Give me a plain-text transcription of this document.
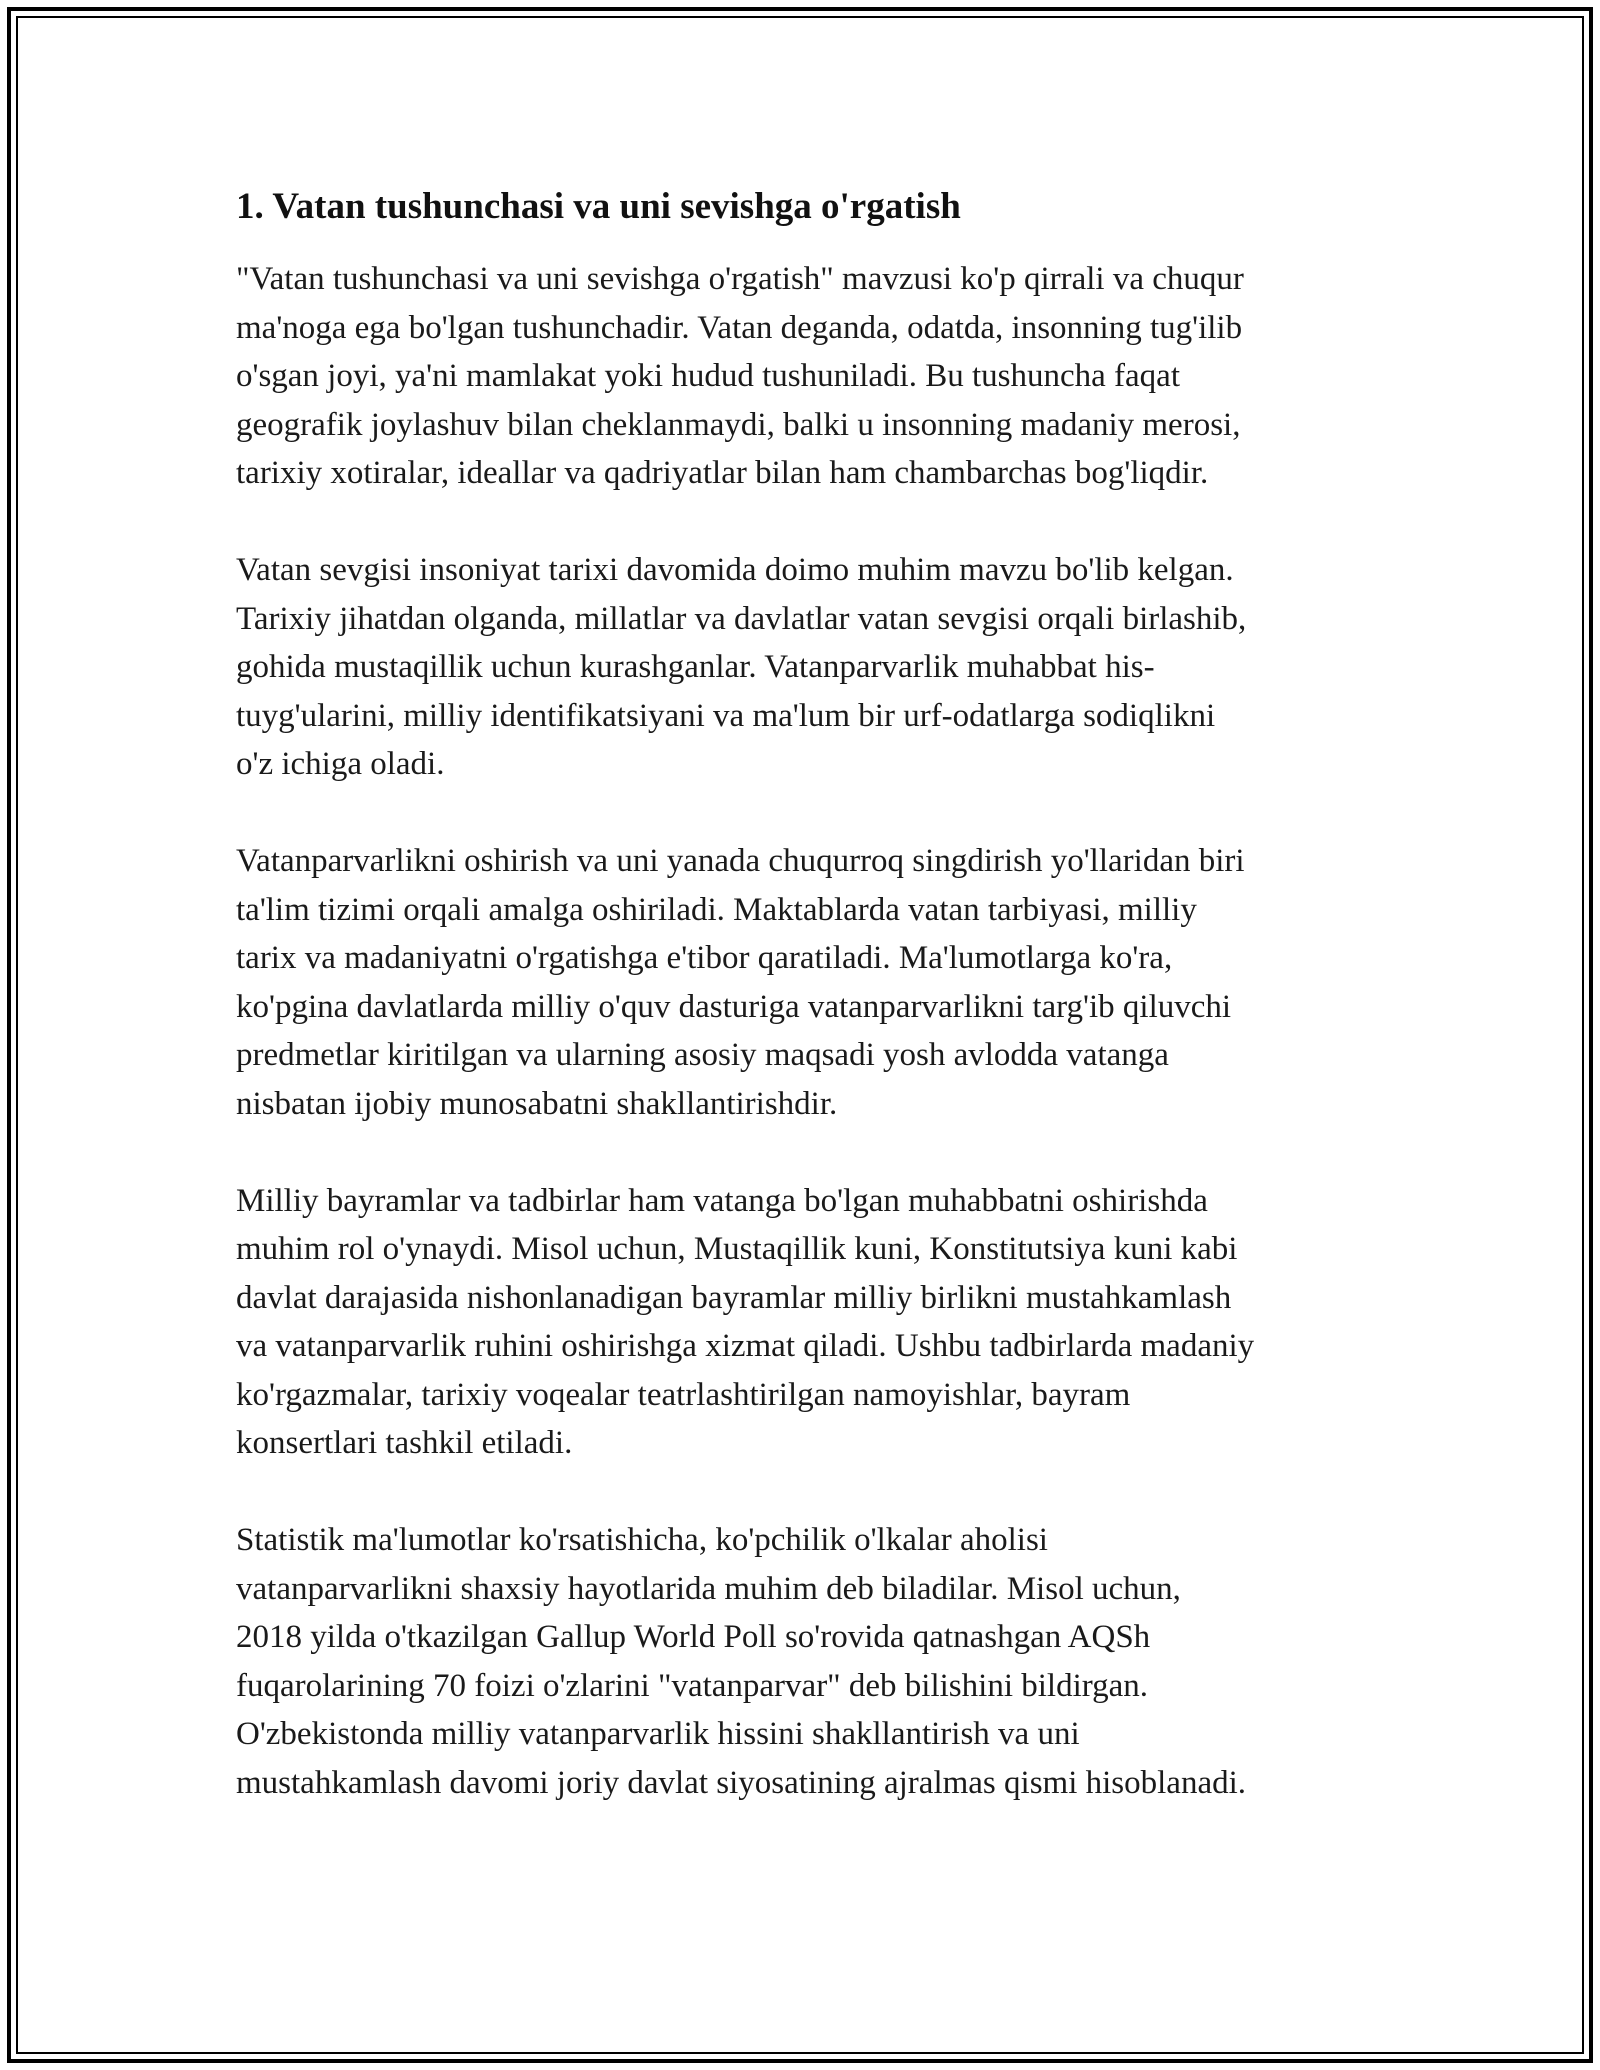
1. Vatan tushunchasi va uni sevishga o'rgatish

"Vatan tushunchasi va uni sevishga o'rgatish" mavzusi ko'p qirrali va chuqur
ma'noga ega bo'lgan tushunchadir. Vatan deganda, odatda, insonning tug'ilib
o'sgan joyi, ya'ni mamlakat yoki hudud tushuniladi. Bu tushuncha faqat
geografik joylashuv bilan cheklanmaydi, balki u insonning madaniy merosi,
tarixiy xotiralar, ideallar va qadriyatlar bilan ham chambarchas bog'liqdir.

Vatan sevgisi insoniyat tarixi davomida doimo muhim mavzu bo'lib kelgan.
Tarixiy jihatdan olganda, millatlar va davlatlar vatan sevgisi orqali birlashib,
gohida mustaqillik uchun kurashganlar. Vatanparvarlik muhabbat his-
tuyg'ularini, milliy identifikatsiyani va ma'lum bir urf-odatlarga sodiqlikni
o'z ichiga oladi.

Vatanparvarlikni oshirish va uni yanada chuqurroq singdirish yo'llaridan biri
ta'lim tizimi orqali amalga oshiriladi. Maktablarda vatan tarbiyasi, milliy
tarix va madaniyatni o'rgatishga e'tibor qaratiladi. Ma'lumotlarga ko'ra,
ko'pgina davlatlarda milliy o'quv dasturiga vatanparvarlikni targ'ib qiluvchi
predmetlar kiritilgan va ularning asosiy maqsadi yosh avlodda vatanga
nisbatan ijobiy munosabatni shakllantirishdir.

Milliy bayramlar va tadbirlar ham vatanga bo'lgan muhabbatni oshirishda
muhim rol o'ynaydi. Misol uchun, Mustaqillik kuni, Konstitutsiya kuni kabi
davlat darajasida nishonlanadigan bayramlar milliy birlikni mustahkamlash
va vatanparvarlik ruhini oshirishga xizmat qiladi. Ushbu tadbirlarda madaniy
ko'rgazmalar, tarixiy voqealar teatrlashtirilgan namoyishlar, bayram
konsertlari tashkil etiladi.

Statistik ma'lumotlar ko'rsatishicha, ko'pchilik o'lkalar aholisi
vatanparvarlikni shaxsiy hayotlarida muhim deb biladilar. Misol uchun,
2018 yilda o'tkazilgan Gallup World Poll so'rovida qatnashgan AQSh
fuqarolarining 70 foizi o'zlarini "vatanparvar" deb bilishini bildirgan.
O'zbekistonda milliy vatanparvarlik hissini shakllantirish va uni
mustahkamlash davomi joriy davlat siyosatining ajralmas qismi hisoblanadi.
